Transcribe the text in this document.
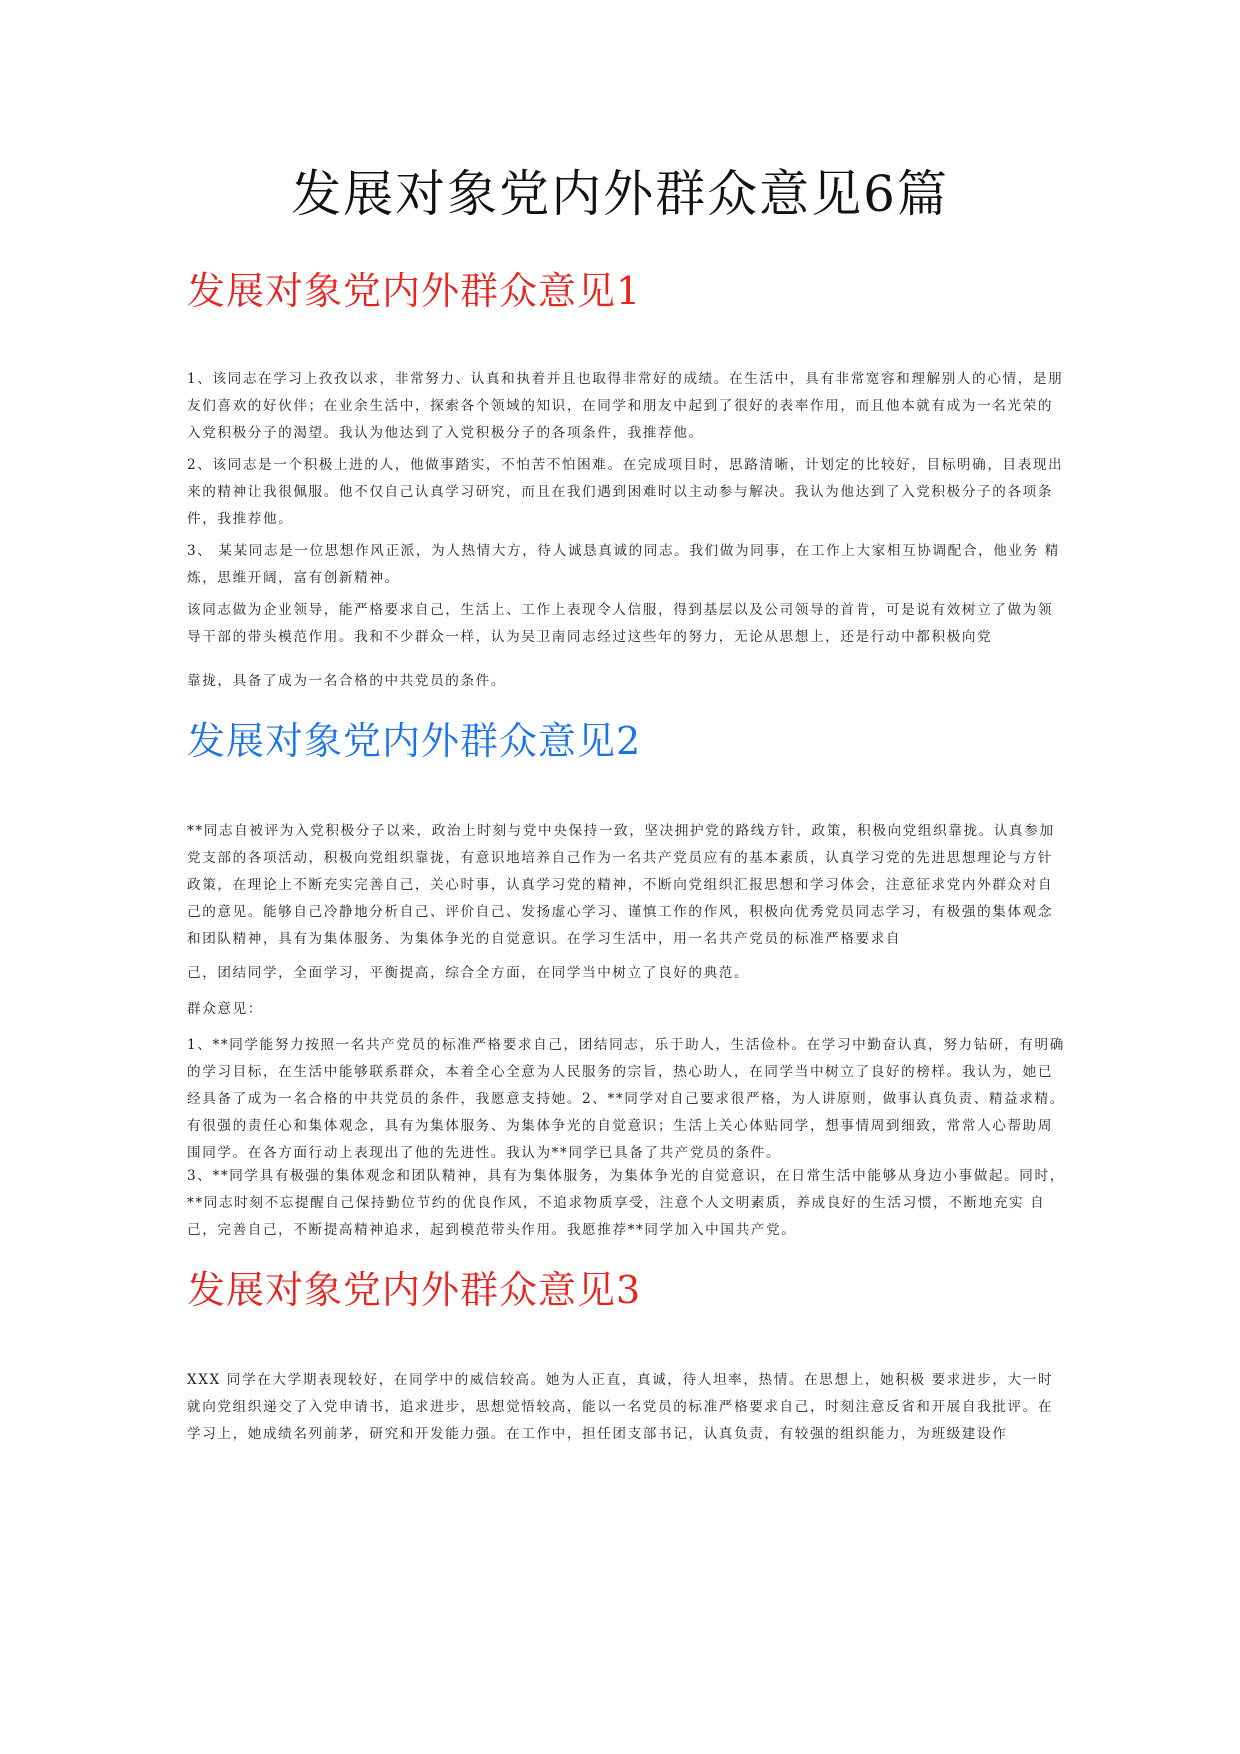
发展对象党内外群众意见6篇
发展对象党内外群众意见1

1、该同志在学习上孜孜以求，非常努力、认真和执着并且也取得非常好的成绩。在生活中，具有非常宽容和理解别人的心情，是朋友们喜欢的好伙伴；在业余生活中，探索各个领域的知识，在同学和朋友中起到了很好的表率作用，而且他本就有成为一名光荣的入党积极分子的渴望。我认为他达到了入党积极分子的各项条件，我推荐他。

2、该同志是一个积极上进的人，他做事踏实，不怕苦不怕困难。在完成项目时，思路清晰，计划定的比较好，目标明确，目表现出来的精神让我很佩服。他不仅自己认真学习研究，而且在我们遇到困难时以主动参与解决。我认为他达到了入党积极分子的各项条件，我推荐他。

3、 某某同志是一位思想作风正派，为人热情大方，待人诚恳真诚的同志。我们做为同事，在工作上大家相互协调配合，他业务 精炼，思维开阔，富有创新精神。

该同志做为企业领导，能严格要求自己，生活上、工作上表现令人信服，得到基层以及公司领导的首肯，可是说有效树立了做为领导干部的带头模范作用。我和不少群众一样，认为吴卫南同志经过这些年的努力，无论从思想上，还是行动中都积极向党

靠拢，具备了成为一名合格的中共党员的条件。

发展对象党内外群众意见2

**同志自被评为入党积极分子以来，政治上时刻与党中央保持一致，坚决拥护党的路线方针，政策，积极向党组织靠拢。认真参加党支部的各项活动，积极向党组织靠拢，有意识地培养自己作为一名共产党员应有的基本素质，认真学习党的先进思想理论与方针政策，在理论上不断充实完善自己，关心时事，认真学习党的精神，不断向党组织汇报思想和学习体会，注意征求党内外群众对自己的意见。能够自己冷静地分析自己、评价自己、发扬虚心学习、谨慎工作的作风，积极向优秀党员同志学习，有极强的集体观念和团队精神，具有为集体服务、为集体争光的自觉意识。在学习生活中，用一名共产党员的标准严格要求自

己，团结同学，全面学习，平衡提高，综合全方面，在同学当中树立了良好的典范。

群众意见：

1、**同学能努力按照一名共产党员的标准严格要求自己，团结同志，乐于助人，生活俭朴。在学习中勤奋认真，努力钻研，有明确的学习目标，在生活中能够联系群众，本着全心全意为人民服务的宗旨，热心助人，在同学当中树立了良好的榜样。我认为，她已经具备了成为一名合格的中共党员的条件，我愿意支持她。2、**同学对自己要求很严格，为人讲原则，做事认真负责、精益求精。有很强的责任心和集体观念，具有为集体服务、为集体争光的自觉意识；生活上关心体贴同学，想事情周到细致，常常人心帮助周围同学。在各方面行动上表现出了他的先进性。我认为**同学已具备了共产党员的条件。

3、**同学具有极强的集体观念和团队精神，具有为集体服务，为集体争光的自觉意识，在日常生活中能够从身边小事做起。同时，**同志时刻不忘提醒自己保持勤位节约的优良作风，不追求物质享受，注意个人文明素质，养成良好的生活习惯，不断地充实 自己，完善自己，不断提高精神追求，起到模范带头作用。我愿推荐**同学加入中国共产党。

发展对象党内外群众意见3

XXX 同学在大学期表现较好，在同学中的威信较高。她为人正直，真诚，待人坦率，热情。在思想上，她积极 要求进步，大一时就向党组织递交了入党申请书，追求进步，思想觉悟较高，能以一名党员的标准严格要求自己，时刻注意反省和开展自我批评。在学习上，她成绩名列前茅，研究和开发能力强。在工作中，担任团支部书记，认真负责，有较强的组织能力，为班级建设作
